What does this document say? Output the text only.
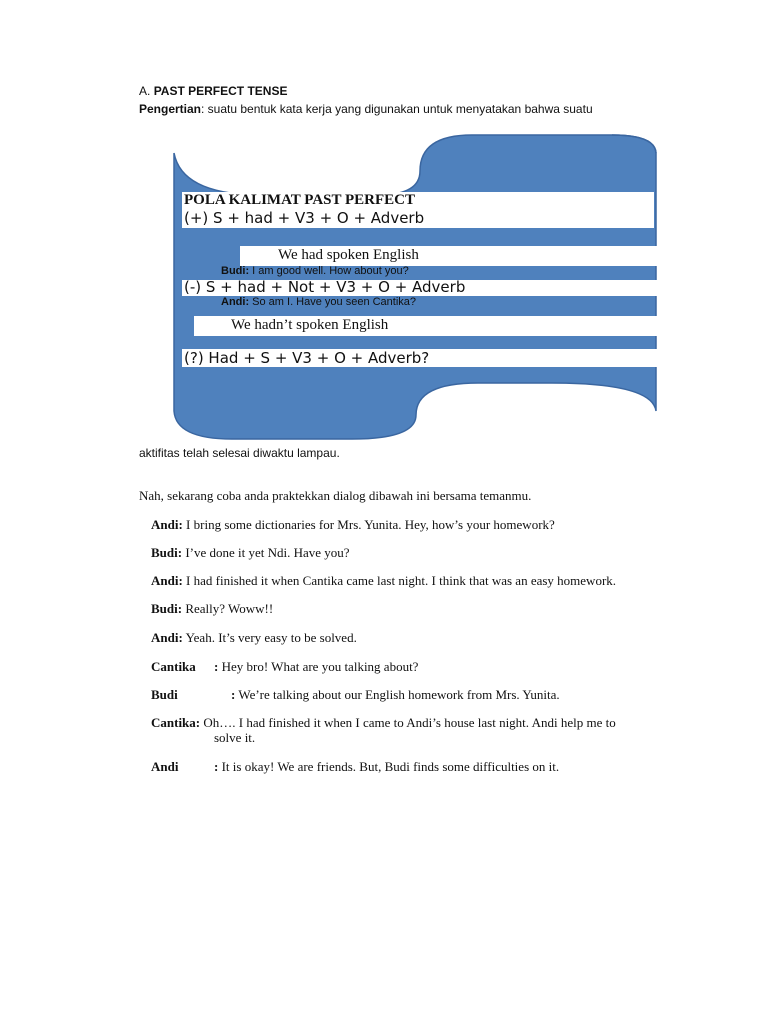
A. PAST PERFECT TENSE
Pengertian: suatu bentuk kata kerja yang digunakan untuk menyatakan bahwa suatu
POLA KALIMAT PAST PERFECT
(+) S + had + V3 + O + Adverb
We had spoken English
Budi: I am good well. How about you?
(-) S + had + Not + V3 + O + Adverb
Andi: So am I. Have you seen Cantika?
We hadn’t spoken English
(?) Had + S + V3 + O + Adverb?
aktifitas telah selesai diwaktu lampau.
Nah, sekarang coba anda praktekkan dialog dibawah ini bersama temanmu.
Andi: I bring some dictionaries for Mrs. Yunita. Hey, how’s your homework?
Budi: I’ve done it yet Ndi. Have you?
Andi: I had finished it when Cantika came last night. I think that was an easy homework.
Budi: Really? Woww!!
Andi: Yeah. It’s very easy to be solved.
Cantika : Hey bro! What are you talking about?
Budi	: We’re talking about our English homework from Mrs. Yunita.
Cantika: Oh…. I had finished it when I came to Andi’s house last night. Andi help me to
solve it.
Andi	: It is okay! We are friends. But, Budi finds some difficulties on it.
